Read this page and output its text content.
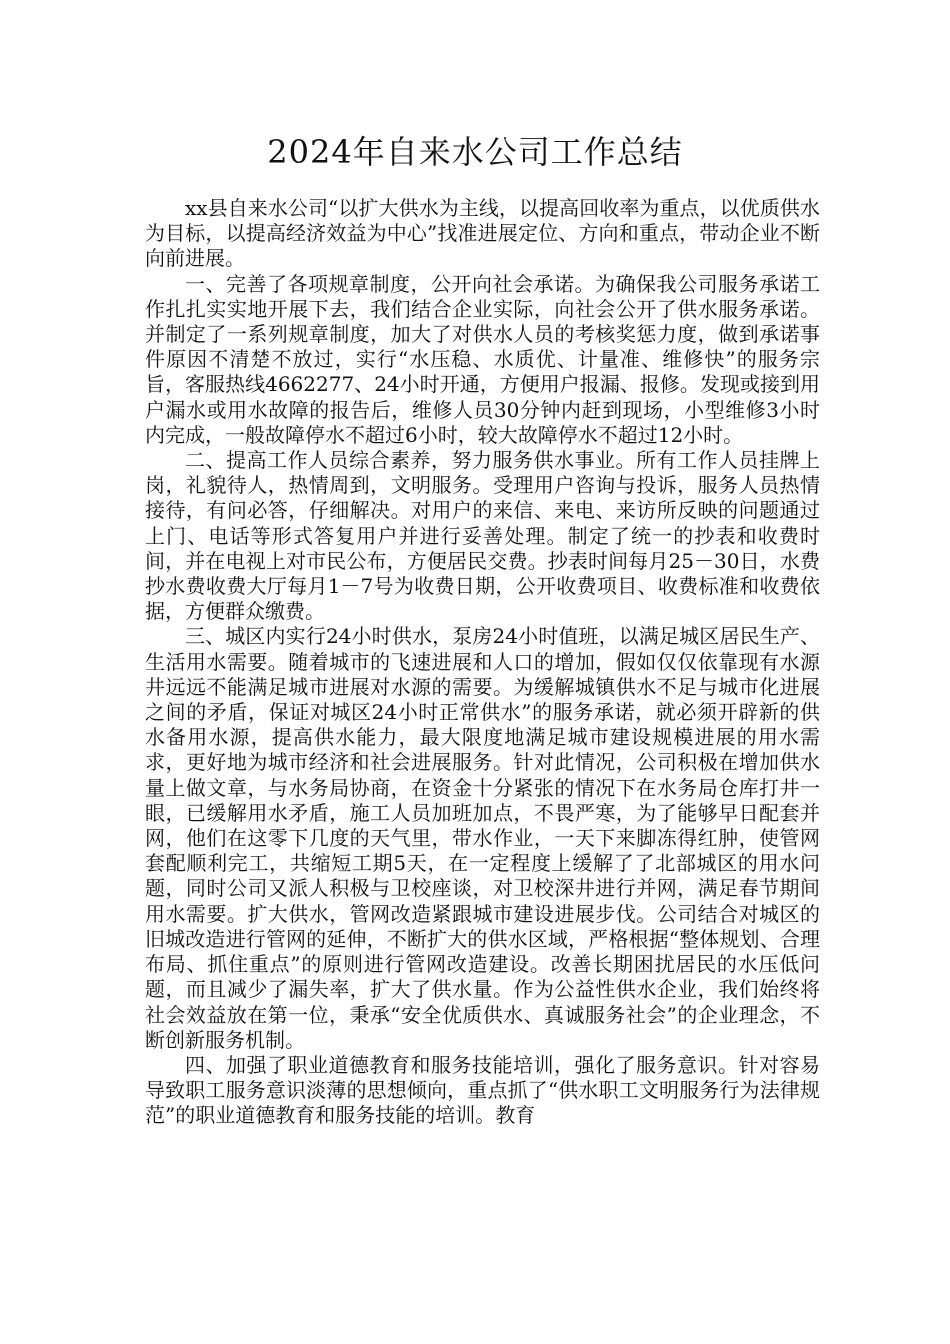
2024年自来水公司工作总结

xx县自来水公司“以扩大供水为主线，以提高回收率为重点，以优质供水为目标，以提高经济效益为中心”找准进展定位、方向和重点，带动企业不断向前进展。

一、完善了各项规章制度，公开向社会承诺。为确保我公司服务承诺工作扎扎实实地开展下去，我们结合企业实际，向社会公开了供水服务承诺。并制定了一系列规章制度，加大了对供水人员的考核奖惩力度，做到承诺事件原因不清楚不放过，实行“水压稳、水质优、计量准、维修快”的服务宗旨，客服热线4662277、24小时开通，方便用户报漏、报修。发现或接到用户漏水或用水故障的报告后，维修人员30分钟内赶到现场，小型维修3小时内完成，一般故障停水不超过6小时，较大故障停水不超过12小时。

二、提高工作人员综合素养，努力服务供水事业。所有工作人员挂牌上岗，礼貌待人，热情周到，文明服务。受理用户咨询与投诉，服务人员热情接待，有问必答，仔细解决。对用户的来信、来电、来访所反映的问题通过上门、电话等形式答复用户并进行妥善处理。制定了统一的抄表和收费时间，并在电视上对市民公布，方便居民交费。抄表时间每月25－30日，水费抄水费收费大厅每月1－7号为收费日期，公开收费项目、收费标准和收费依据，方便群众缴费。

三、城区内实行24小时供水，泵房24小时值班，以满足城区居民生产、生活用水需要。随着城市的飞速进展和人口的增加，假如仅仅依靠现有水源井远远不能满足城市进展对水源的需要。为缓解城镇供水不足与城市化进展之间的矛盾，保证对城区24小时正常供水”的服务承诺，就必须开辟新的供水备用水源，提高供水能力，最大限度地满足城市建设规模进展的用水需求，更好地为城市经济和社会进展服务。针对此情况，公司积极在增加供水量上做文章，与水务局协商，在资金十分紧张的情况下在水务局仓库打井一眼，已缓解用水矛盾，施工人员加班加点，不畏严寒，为了能够早日配套并网，他们在这零下几度的天气里，带水作业，一天下来脚冻得红肿，使管网套配顺利完工，共缩短工期5天，在一定程度上缓解了了北部城区的用水问题，同时公司又派人积极与卫校座谈，对卫校深井进行并网，满足春节期间用水需要。扩大供水，管网改造紧跟城市建设进展步伐。公司结合对城区的旧城改造进行管网的延伸，不断扩大的供水区域，严格根据“整体规划、合理布局、抓住重点”的原则进行管网改造建设。改善长期困扰居民的水压低问题，而且减少了漏失率，扩大了供水量。作为公益性供水企业，我们始终将社会效益放在第一位，秉承“安全优质供水、真诚服务社会”的企业理念，不断创新服务机制。

四、加强了职业道德教育和服务技能培训，强化了服务意识。针对容易导致职工服务意识淡薄的思想倾向，重点抓了“供水职工文明服务行为法律规范”的职业道德教育和服务技能的培训。教育
